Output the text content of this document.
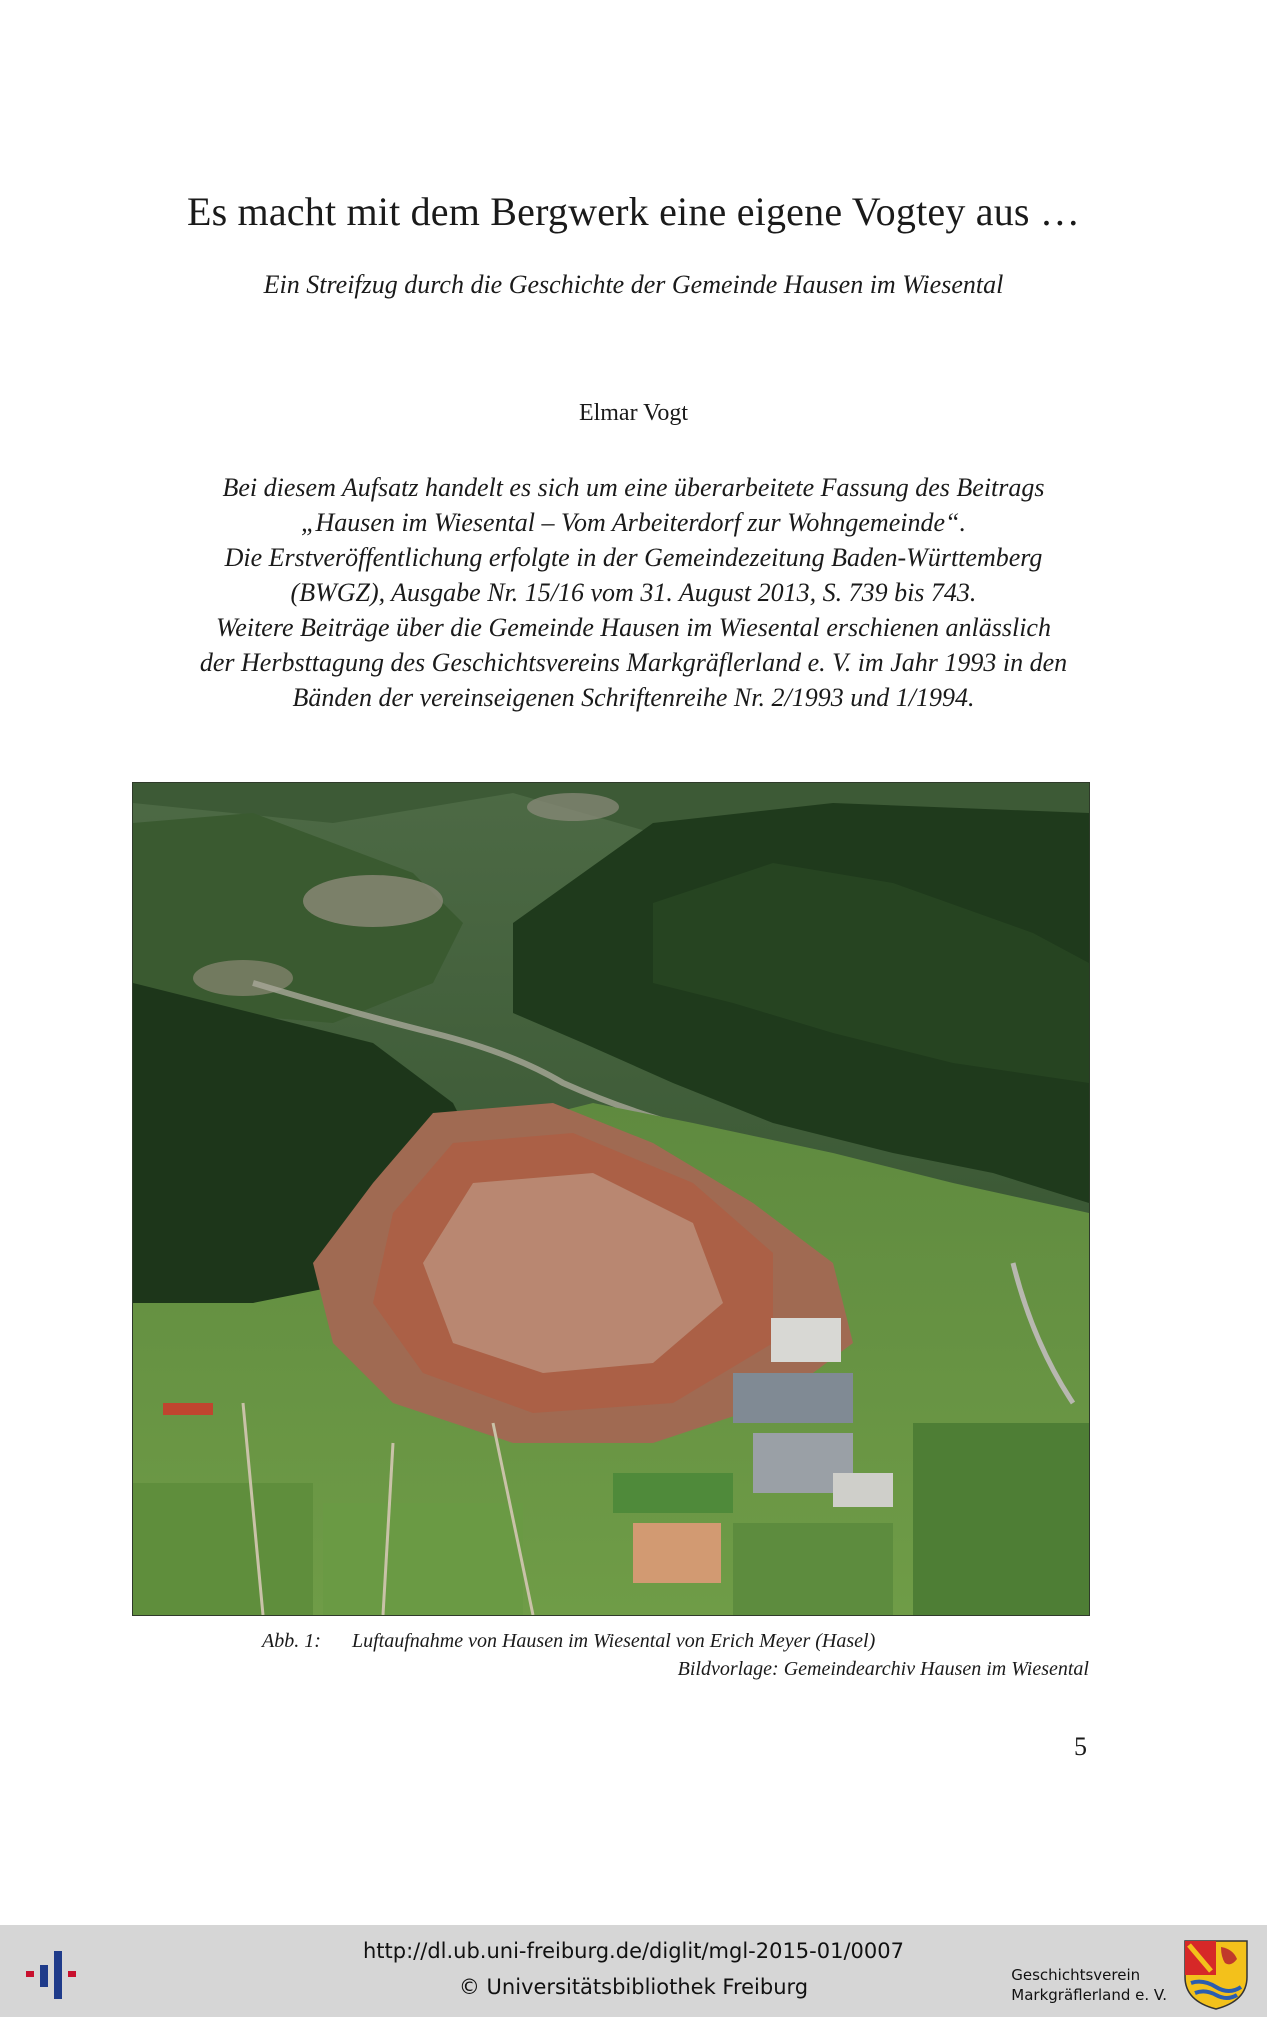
Es macht mit dem Bergwerk eine eigene Vogtey aus …
Ein Streifzug durch die Geschichte der Gemeinde Hausen im Wiesental
Elmar Vogt
Bei diesem Aufsatz handelt es sich um eine überarbeitete Fassung des Beitrags
„Hausen im Wiesental – Vom Arbeiterdorf zur Wohngemeinde“.
Die Erstveröffentlichung erfolgte in der Gemeindezeitung Baden-Württemberg
(BWGZ), Ausgabe Nr. 15/16 vom 31. August 2013, S. 739 bis 743.
Weitere Beiträge über die Gemeinde Hausen im Wiesental erschienen anlässlich
der Herbsttagung des Geschichtsvereins Markgräflerland e. V. im Jahr 1993 in den
Bänden der vereinseigenen Schriftenreihe Nr. 2/1993 und 1/1994.
Abb. 1: Luftaufnahme von Hausen im Wiesental von Erich Meyer (Hasel)
Bildvorlage: Gemeindearchiv Hausen im Wiesental
5
http://dl.ub.uni-freiburg.de/diglit/mgl-2015-01/0007
© Universitätsbibliothek Freiburg	Geschichtsverein
Markgräflerland e. V.
